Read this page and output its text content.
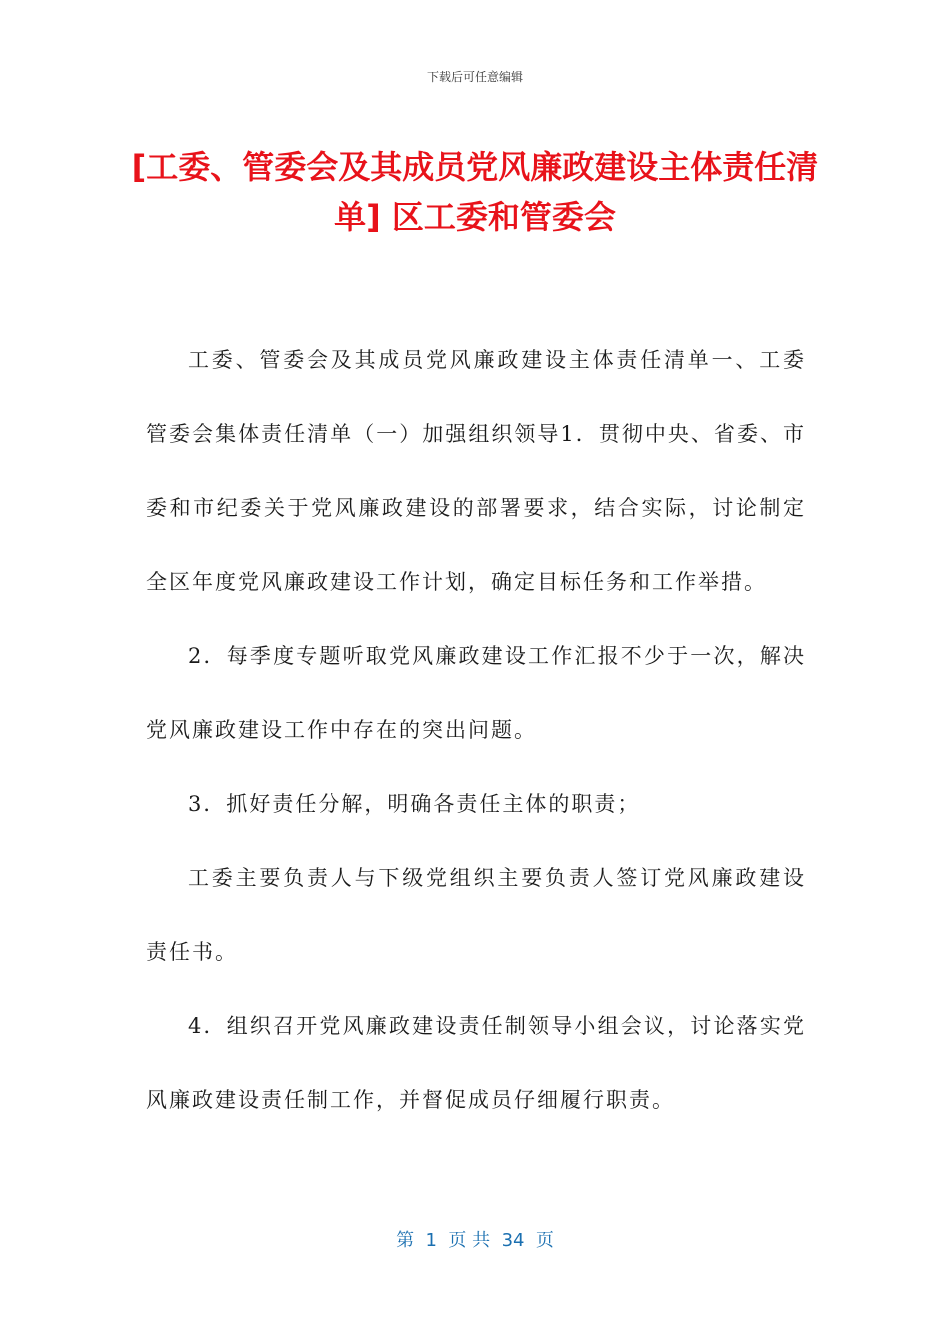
下载后可任意编辑
[工委、管委会及其成员党风廉政建设主体责任清单] 区工委和管委会

工委、管委会及其成员党风廉政建设主体责任清单一、工委管委会集体责任清单（一）加强组织领导1．贯彻中央、省委、市委和市纪委关于党风廉政建设的部署要求，结合实际，讨论制定全区年度党风廉政建设工作计划，确定目标任务和工作举措。

2．每季度专题听取党风廉政建设工作汇报不少于一次，解决党风廉政建设工作中存在的突出问题。

3．抓好责任分解，明确各责任主体的职责；

工委主要负责人与下级党组织主要负责人签订党风廉政建设责任书。

4．组织召开党风廉政建设责任制领导小组会议，讨论落实党风廉政建设责任制工作，并督促成员仔细履行职责。

第  1  页 共  34  页
